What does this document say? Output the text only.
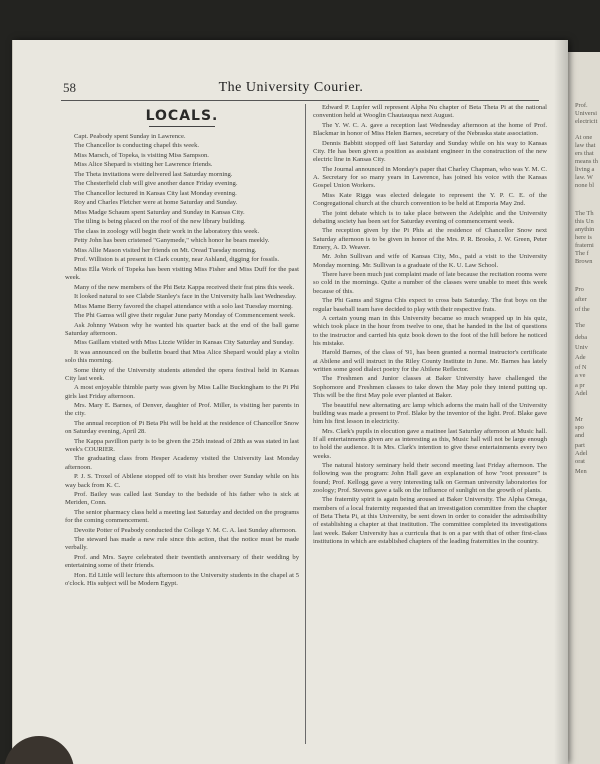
Prof.
Universi
electricit
At one
law that
ers that
means th
living a
law. W
none bl
The Th
this Un
anythin
here is
fraterni
The f
Brown
Pro
after
of the
The
deba
Univ
Ade
of N
a ve
a pr
Adel
Mr
spo
and
part
Adel
orat
Men
58	The University Courier.
LOCALS.
Capt. Peabody spent Sunday in Lawrence.
The Chancellor is conducting chapel this week.
Miss Marsch, of Topeka, is visiting Miss Sampson.
Miss Alice Shepard is visiting her Lawrence friends.
The Theta invitations were delivered last Saturday morning.
The Chesterfield club will give another dance Friday evening.
The Chancellor lectured in Kansas City last Monday evening.
Roy and Charles Fletcher were at home Saturday and Sunday.
Miss Madge Schaum spent Saturday and Sunday in Kansas City.
The tiling is being placed on the roof of the new library building.
The class in zoology will begin their work in the laboratory this week.
Petty John has been cristened "Ganymede," which honor he bears meekly.
Miss Allie Mason visited her friends on Mt. Oread Tuesday morning.
Prof. Williston is at present in Clark county, near Ashland, digging for fossils.
Miss Ella Work of Topeka has been visiting Miss Fisher and Miss Duff for the past week.
Many of the new members of the Phi Betz Kappa received their frat pins this week.
It looked natural to see Clabde Stanley's face in the University halls last Wednesday.
Miss Mame Berry favored the chapel attendance with a solo last Tuesday morning.
The Phi Gamss will give their regular June party Monday of Commencement week.
Ask Johnny Watson why he wanted his quarter back at the end of the ball game Saturday afternoon.
Miss Gaillam visited with Miss Lizzie Wilder in Kansas City Saturday and Sunday.
It was announced on the bulletin board that Miss Alice Shepard would play a violin solo this morning.
Some thirty of the University students attended the opera festival held in Kansas City last week.
A most enjoyable thimble party was given by Miss Lallie Buckingham to the Pi Phi girls last Friday afternoon.
Mrs. Mary E. Barnes, of Denver, daughter of Prof. Miller, is visiting her parents in the city.
The annual reception of Pi Beta Phi will be held at the residence of Chancellor Snow on Saturday evening, April 28.
The Kappa pavillion party is to be given the 25th instead of 28th as was stated in last week's COURIER.
The graduating class from Hesper Academy visited the University last Monday afternoon.
P. J. S. Troxel of Abilene stopped off to visit his brother over Sunday while on his way back from K. C.
Prof. Bailey was called last Sunday to the bedside of his father who is sick at Meriden, Conn.
The senior pharmacy class held a meeting last Saturday and decided on the programs for the coming commencement.
Devoite Potter of Peabody conducted the College Y. M. C. A. last Sunday afternoon.
The steward has made a new rule since this action, that the notice must be made verbally.
Prof. and Mrs. Sayre celebrated their twentieth anniversary of their wedding by entertaining some of their friends.
Hon. Ed Little will lecture this afternoon to the University students in the chapel at 5 o'clock. His subject will be Modern Egypt.
Edward P. Lupfer will represent Alpha Nu chapter of Beta Theta Pi at the national convention held at Wooglin Chautauqua next August.
The Y. W. C. A. gave a reception last Wednesday afternoon at the home of Prof. Blackmar in honor of Miss Helen Barnes, secretary of the Nebraska state association.
Dennis Babbitt stopped off last Saturday and Sunday while on his way to Kansas City. He has been given a position as assistant engineer in the construction of the new electric line in Kansas City.
The Journal announced in Monday's paper that Charley Chapman, who was Y. M. C. A. Secretary for so many years in Lawrence, has joined his voice with the Kansas Gospel Union Workers.
Miss Kate Riggs was elected delegate to represent the Y. P. C. E. of the Congregational church at the church convention to be held at Emporia May 2nd.
The joint debate which is to take place between the Adelphic and the University debating society has been set for Saturday evening of commencement week.
The reception given by the Pi Phis at the residence of Chancellor Snow next Saturday afternoon is to be given in honor of the Mrs. P. R. Brooks, J. W. Green, Peter Emery, A. D. Weaver.
Mr. John Sullivan and wife of Kansas City, Mo., paid a visit to the University Monday morning. Mr. Sullivan is a graduate of the K. U. Law School.
There have been much just complaint made of late because the recitation rooms were so cold in the mornings. Quite a number of the classes were unable to meet this week because of this.
The Phi Gams and Sigma Chis expect to cross bats Saturday. The frat boys on the regular baseball team have decided to play with their respective frats.
A certain young man in this University became so much wrapped up in his quiz, which took place in the hour from twelve to one, that he handed in the list of questions to the instructor and carried his quiz book down to the foot of the hill before he noticed his mistake.
Harold Barnes, of the class of '91, has been granted a normal instructor's certificate at Abilene and will instruct in the Riley County Institute in June. Mr. Barnes has lately written some good dialect poetry for the Abilene Reflector.
The Freshmen and Junior classes at Baker University have challenged the Sophomore and Freshmen classes to take down the May pole they intend putting up. This will be the first May pole ever planted at Baker.
The beautiful new alternating arc lamp which adorns the main hall of the University building was made a present to Prof. Blake by the inventor of the light. Prof. Blake gave him his first lesson in electricity.
Mrs. Clark's pupils in elocution gave a matinee last Saturday afternoon at Music hall. If all entertainments given are as interesting as this, Music hall will not be large enough to hold the audience. It is Mrs. Clark's intention to give these entertainments every two weeks.
The natural history seminary held their second meeting last Friday afternoon. The following was the program: John Hall gave an explanation of how "root pressure" is found; Prof. Kellogg gave a very interesting talk on German university laboratories for zoology; Prof. Stevens gave a talk on the influence of sunlight on the growth of plants.
The fraternity spirit is again being aroused at Baker University. The Alpha Omega, members of a local fraternity requested that an investigation committee from the chapter of Beta Theta Pi, at this University, be sent down in order to consider the admissibility of establishing a chapter at that institution. The committee completed its investigations last week. Baker University has a curricula that is on a par with that of other first-class institutions in which are established chapters of the leading fraternities in the country.
